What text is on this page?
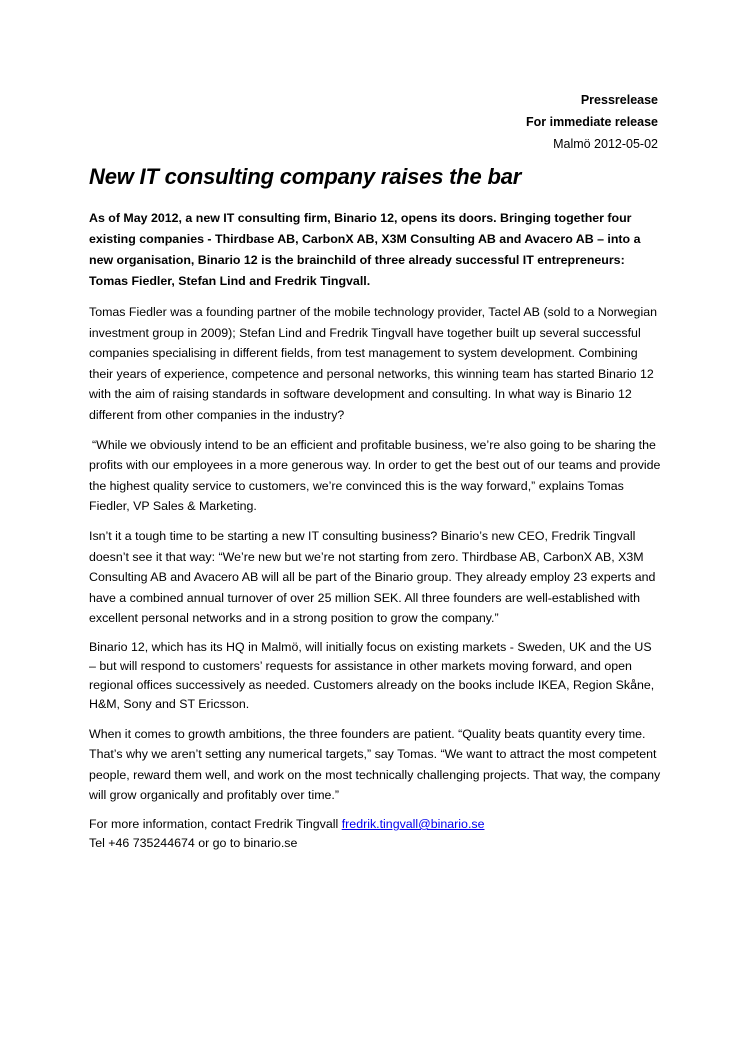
Pressrelease
For immediate release
Malmö 2012-05-02
New IT consulting company raises the bar

As of May 2012, a new IT consulting firm, Binario 12, opens its doors. Bringing together four existing companies - Thirdbase AB, CarbonX AB, X3M Consulting AB and Avacero AB – into a new organisation, Binario 12 is the brainchild of three already successful IT entrepreneurs: Tomas Fiedler, Stefan Lind and Fredrik Tingvall.

Tomas Fiedler was a founding partner of the mobile technology provider, Tactel AB (sold to a Norwegian investment group in 2009); Stefan Lind and Fredrik Tingvall have together built up several successful companies specialising in different fields, from test management to system development. Combining their years of experience, competence and personal networks, this winning team has started Binario 12 with the aim of raising standards in software development and consulting. In what way is Binario 12 different from other companies in the industry?

“While we obviously intend to be an efficient and profitable business, we’re also going to be sharing the profits with our employees in a more generous way. In order to get the best out of our teams and provide the highest quality service to customers, we’re convinced this is the way forward,” explains Tomas Fiedler, VP Sales & Marketing.

Isn’t it a tough time to be starting a new IT consulting business? Binario’s new CEO, Fredrik Tingvall doesn’t see it that way: “We’re new but we’re not starting from zero. Thirdbase AB, CarbonX AB, X3M Consulting AB and Avacero AB will all be part of the Binario group. They already employ 23 experts and have a combined annual turnover of over 25 million SEK. All three founders are well-established with excellent personal networks and in a strong position to grow the company.”

Binario 12, which has its HQ in Malmö, will initially focus on existing markets - Sweden, UK and the US – but will respond to customers’ requests for assistance in other markets moving forward, and open regional offices successively as needed. Customers already on the books include IKEA, Region Skåne, H&M, Sony and ST Ericsson.

When it comes to growth ambitions, the three founders are patient. “Quality beats quantity every time. That’s why we aren’t setting any numerical targets,” say Tomas. “We want to attract the most competent people, reward them well, and work on the most technically challenging projects. That way, the company will grow organically and profitably over time.”

For more information, contact Fredrik Tingvall fredrik.tingvall@binario.se
Tel +46 735244674 or go to binario.se
